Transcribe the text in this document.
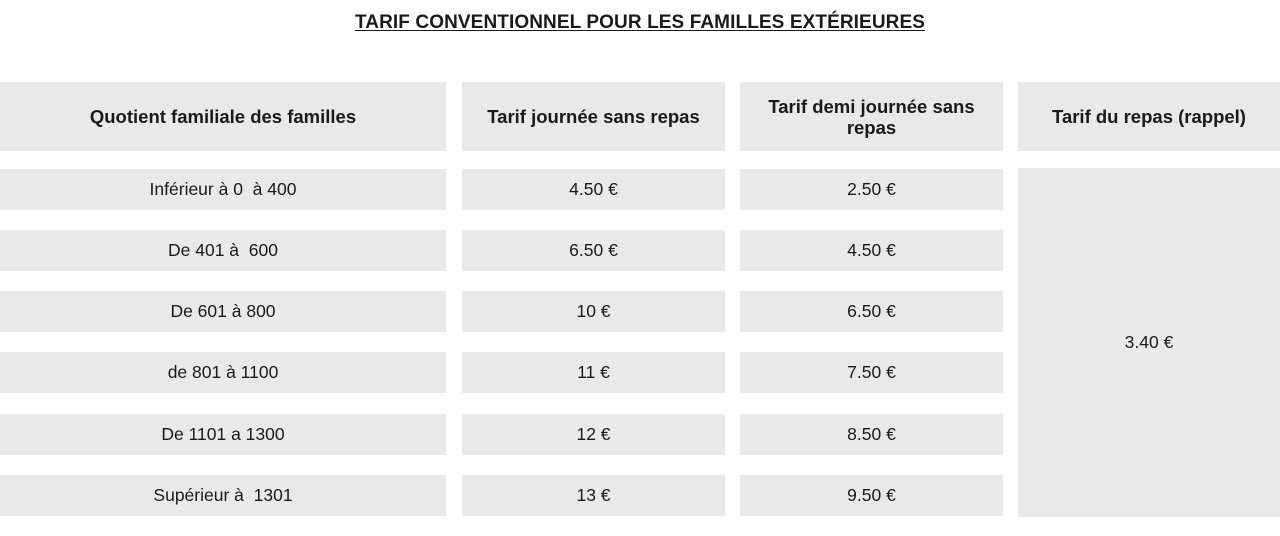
TARIF CONVENTIONNEL POUR LES FAMILLES EXTÉRIEURES
Quotient familiale des familles	Tarif journée sans repas	Tarif demi journée sans repas	Tarif du repas (rappel)
Inférieur à 0  à 400	4.50 €	2.50 €
De 401 à  600	6.50 €	4.50 €
De 601 à 800	10 €	6.50 €
de 801 à 1100	11 €	7.50 €
De 1101 a 1300	12 €	8.50 €
Supérieur à  1301	13 €	9.50 €
3.40 €
